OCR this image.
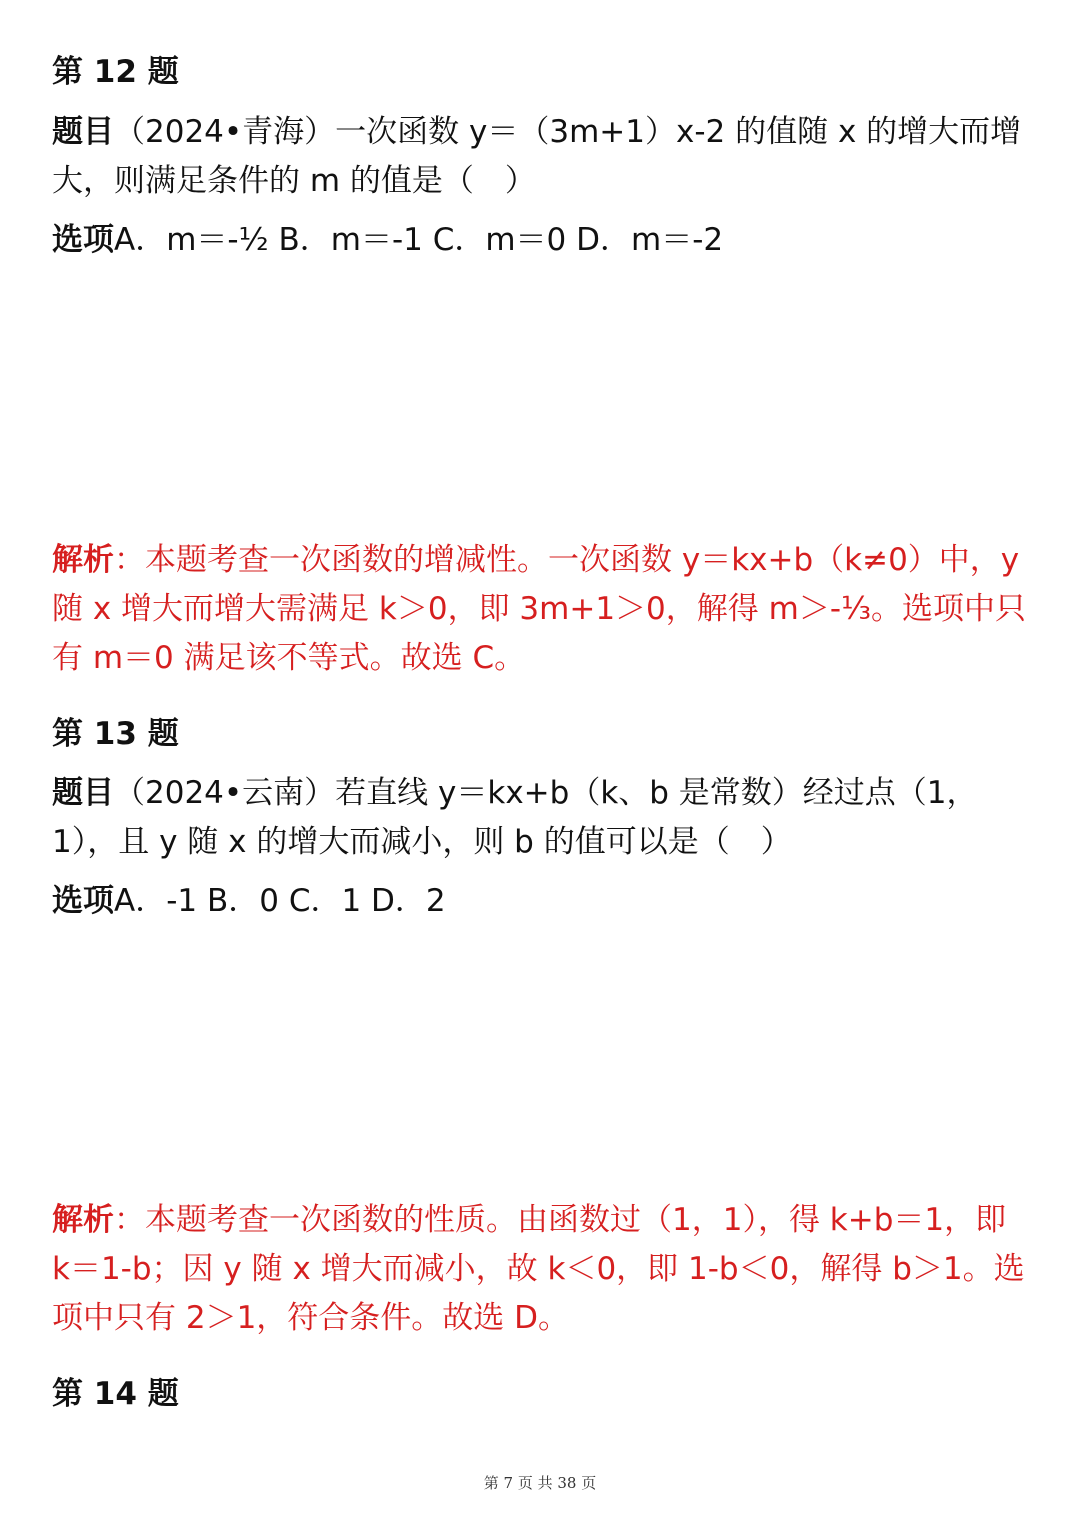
第 12 题

题目（2024•青海）一次函数 y＝（3m+1）x-2 的值随 x 的增大而增大，则满足条件的 m 的值是（　）

选项A．m＝-½ B．m＝-1 C．m＝0 D．m＝-2

解析：本题考查一次函数的增减性。一次函数 y＝kx+b（k≠0）中，y 随 x 增大而增大需满足 k＞0，即 3m+1＞0，解得 m＞-⅓。选项中只有 m＝0 满足该不等式。故选 C。

第 13 题

题目（2024•云南）若直线 y＝kx+b（k、b 是常数）经过点（1，1），且 y 随 x 的增大而减小，则 b 的值可以是（　）

选项A．-1 B．0 C．1 D．2

解析：本题考查一次函数的性质。由函数过（1，1），得 k+b＝1，即 k＝1-b；因 y 随 x 增大而减小，故 k＜0，即 1-b＜0，解得 b＞1。选项中只有 2＞1，符合条件。故选 D。

第 14 题

第 7 页 共 38 页
